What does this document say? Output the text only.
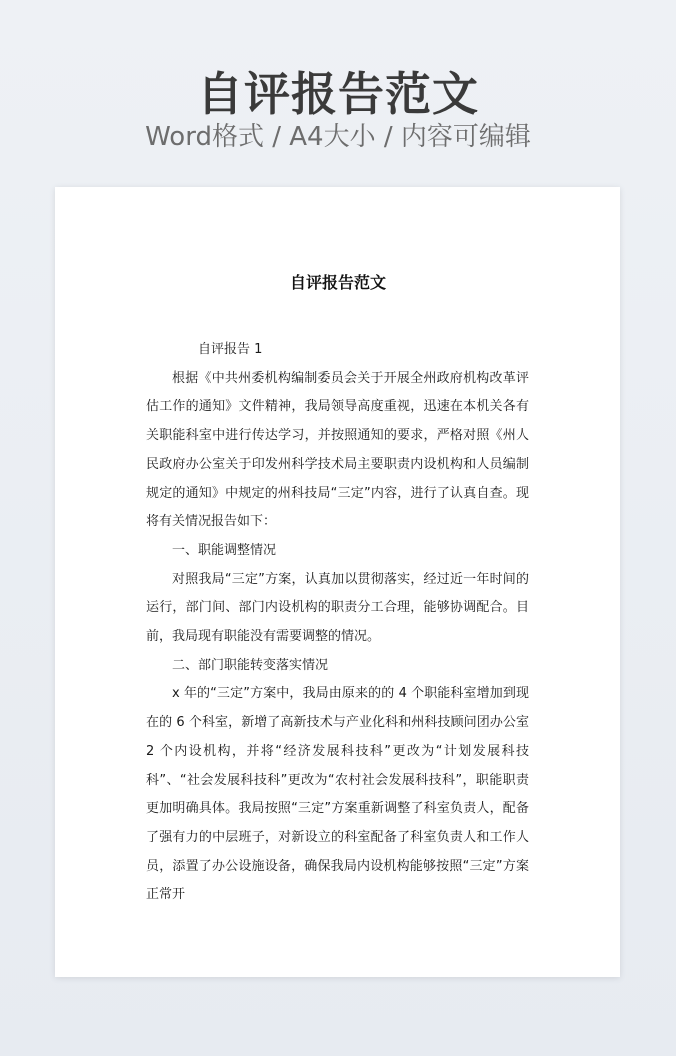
自评报告范文
Word格式 / A4大小 / 内容可编辑
自评报告范文

自评报告 1

根据《中共州委机构编制委员会关于开展全州政府机构改革评估工作的通知》文件精神，我局领导高度重视，迅速在本机关各有关职能科室中进行传达学习，并按照通知的要求，严格对照《州人民政府办公室关于印发州科学技术局主要职责内设机构和人员编制规定的通知》中规定的州科技局“三定”内容，进行了认真自查。现将有关情况报告如下：

一、职能调整情况

对照我局“三定”方案，认真加以贯彻落实，经过近一年时间的运行，部门间、部门内设机构的职责分工合理，能够协调配合。目前，我局现有职能没有需要调整的情况。

二、部门职能转变落实情况

x 年的“三定”方案中，我局由原来的的 4 个职能科室增加到现在的 6 个科室，新增了高新技术与产业化科和州科技顾问团办公室 2 个内设机构，并将“经济发展科技科”更改为“计划发展科技科”、“社会发展科技科”更改为“农村社会发展科技科”，职能职责更加明确具体。我局按照“三定”方案重新调整了科室负责人，配备了强有力的中层班子，对新设立的科室配备了科室负责人和工作人员，添置了办公设施设备，确保我局内设机构能够按照“三定”方案正常开
